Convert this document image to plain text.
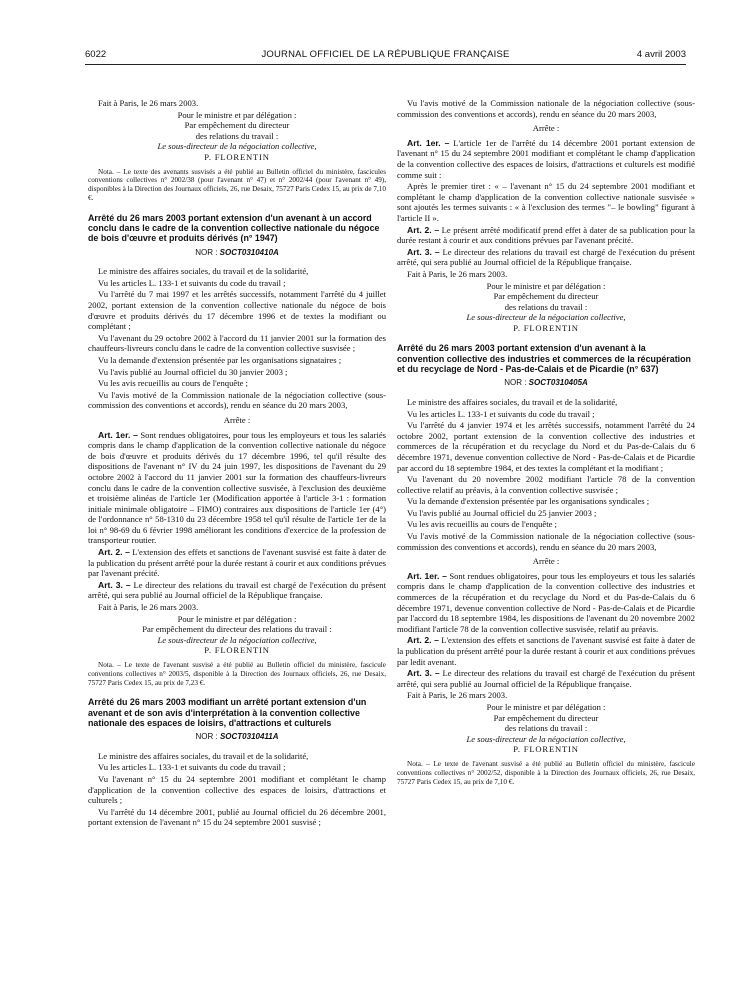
6022	JOURNAL OFFICIEL DE LA RÉPUBLIQUE FRANÇAISE	4 avril 2003

Fait à Paris, le 26 mars 2003.

Pour le ministre et par délégation :

Par empêchement du directeur

des relations du travail :

Le sous-directeur de la négociation collective,

P. FLORENTIN

Nota. – Le texte des avenants susvisés a été publié au Bulletin officiel du ministère, fascicules conventions collectives n° 2002/38 (pour l'avenant n° 47) et n° 2002/44 (pour l'avenant n° 49), disponibles à la Direction des Journaux officiels, 26, rue Desaix, 75727 Paris Cedex 15, au prix de 7,10 €.

Arrêté du 26 mars 2003 portant extension d'un avenant à un accord conclu dans le cadre de la convention collective nationale du négoce de bois d'œuvre et produits dérivés (n° 1947)
NOR : SOCT0310410A

Le ministre des affaires sociales, du travail et de la solidarité,

Vu les articles L. 133-1 et suivants du code du travail ;

Vu l'arrêté du 7 mai 1997 et les arrêtés successifs, notamment l'arrêté du 4 juillet 2002, portant extension de la convention collective nationale du négoce de bois d'œuvre et produits dérivés du 17 décembre 1996 et de textes la modifiant ou complétant ;

Vu l'avenant du 29 octobre 2002 à l'accord du 11 janvier 2001 sur la formation des chauffeurs-livreurs conclu dans le cadre de la convention collective susvisée ;

Vu la demande d'extension présentée par les organisations signataires ;

Vu l'avis publié au Journal officiel du 30 janvier 2003 ;

Vu les avis recueillis au cours de l'enquête ;

Vu l'avis motivé de la Commission nationale de la négociation collective (sous-commission des conventions et accords), rendu en séance du 20 mars 2003,

Arrête :

Art. 1er. – Sont rendues obligatoires, pour tous les employeurs et tous les salariés compris dans le champ d'application de la convention collective nationale du négoce de bois d'œuvre et produits dérivés du 17 décembre 1996, tel qu'il résulte des dispositions de l'avenant n° IV du 24 juin 1997, les dispositions de l'avenant du 29 octobre 2002 à l'accord du 11 janvier 2001 sur la formation des chauffeurs-livreurs conclu dans le cadre de la convention collective susvisée, à l'exclusion des deuxième et troisième alinéas de l'article 1er (Modification apportée à l'article 3-1 : formation initiale minimale obligatoire – FIMO) contraires aux dispositions de l'article 1er (4°) de l'ordonnance n° 58-1310 du 23 décembre 1958 tel qu'il résulte de l'article 1er de la loi n° 98-69 du 6 février 1998 améliorant les conditions d'exercice de la profession de transporteur routier.

Art. 2. – L'extension des effets et sanctions de l'avenant susvisé est faite à dater de la publication du présent arrêté pour la durée restant à courir et aux conditions prévues par l'avenant précité.

Art. 3. – Le directeur des relations du travail est chargé de l'exécution du présent arrêté, qui sera publié au Journal officiel de la République française.

Fait à Paris, le 26 mars 2003.

Pour le ministre et par délégation :

Par empêchement du directeur des relations du travail :

Le sous-directeur de la négociation collective,

P. FLORENTIN

Nota. – Le texte de l'avenant susvisé a été publié au Bulletin officiel du ministère, fascicule conventions collectives n° 2003/5, disponible à la Direction des Journaux officiels, 26, rue Desaix, 75727 Paris Cedex 15, au prix de 7,23 €.

Arrêté du 26 mars 2003 modifiant un arrêté portant extension d'un avenant et de son avis d'interprétation à la convention collective nationale des espaces de loisirs, d'attractions et culturels
NOR : SOCT0310411A

Le ministre des affaires sociales, du travail et de la solidarité,

Vu les articles L. 133-1 et suivants du code du travail ;

Vu l'avenant n° 15 du 24 septembre 2001 modifiant et complétant le champ d'application de la convention collective des espaces de loisirs, d'attractions et culturels ;

Vu l'arrêté du 14 décembre 2001, publié au Journal officiel du 26 décembre 2001, portant extension de l'avenant n° 15 du 24 septembre 2001 susvisé ;

Vu l'avis motivé de la Commission nationale de la négociation collective (sous-commission des conventions et accords), rendu en séance du 20 mars 2003,

Arrête :

Art. 1er. – L'article 1er de l'arrêté du 14 décembre 2001 portant extension de l'avenant n° 15 du 24 septembre 2001 modifiant et complétant le champ d'application de la convention collective des espaces de loisirs, d'attractions et culturels est modifié comme suit :

Après le premier tiret : « – l'avenant n° 15 du 24 septembre 2001 modifiant et complétant le champ d'application de la convention collective nationale susvisée » sont ajoutés les termes suivants : « à l'exclusion des termes "– le bowling" figurant à l'article II ».

Art. 2. – Le présent arrêté modificatif prend effet à dater de sa publication pour la durée restant à courir et aux conditions prévues par l'avenant précité.

Art. 3. – Le directeur des relations du travail est chargé de l'exécution du présent arrêté, qui sera publié au Journal officiel de la République française.

Fait à Paris, le 26 mars 2003.

Pour le ministre et par délégation :

Par empêchement du directeur

des relations du travail :

Le sous-directeur de la négociation collective,

P. FLORENTIN

Arrêté du 26 mars 2003 portant extension d'un avenant à la convention collective des industries et commerces de la récupération et du recyclage de Nord - Pas-de-Calais et de Picardie (n° 637)
NOR : SOCT0310405A

Le ministre des affaires sociales, du travail et de la solidarité,

Vu les articles L. 133-1 et suivants du code du travail ;

Vu l'arrêté du 4 janvier 1974 et les arrêtés successifs, notamment l'arrêté du 24 octobre 2002, portant extension de la convention collective des industries et commerces de la récupération et du recyclage du Nord et du Pas-de-Calais du 6 décembre 1971, devenue convention collective de Nord - Pas-de-Calais et de Picardie par accord du 18 septembre 1984, et des textes la complétant et la modifiant ;

Vu l'avenant du 20 novembre 2002 modifiant l'article 78 de la convention collective relatif au préavis, à la convention collective susvisée ;

Vu la demande d'extension présentée par les organisations syndicales ;

Vu l'avis publié au Journal officiel du 25 janvier 2003 ;

Vu les avis recueillis au cours de l'enquête ;

Vu l'avis motivé de la Commission nationale de la négociation collective (sous-commission des conventions et accords), rendu en séance du 20 mars 2003,

Arrête :

Art. 1er. – Sont rendues obligatoires, pour tous les employeurs et tous les salariés compris dans le champ d'application de la convention collective des industries et commerces de la récupération et du recyclage du Nord et du Pas-de-Calais du 6 décembre 1971, devenue convention collective de Nord - Pas-de-Calais et de Picardie par l'accord du 18 septembre 1984, les dispositions de l'avenant du 20 novembre 2002 modifiant l'article 78 de la convention collective susvisée, relatif au préavis.

Art. 2. – L'extension des effets et sanctions de l'avenant susvisé est faite à dater de la publication du présent arrêté pour la durée restant à courir et aux conditions prévues par ledit avenant.

Art. 3. – Le directeur des relations du travail est chargé de l'exécution du présent arrêté, qui sera publié au Journal officiel de la République française.

Fait à Paris, le 26 mars 2003.

Pour le ministre et par délégation :

Par empêchement du directeur

des relations du travail :

Le sous-directeur de la négociation collective,

P. FLORENTIN

Nota. – Le texte de l'avenant susvisé a été publié au Bulletin officiel du ministère, fascicule conventions collectives n° 2002/52, disponible à la Direction des Journaux officiels, 26, rue Desaix, 75727 Paris Cedex 15, au prix de 7,10 €.
